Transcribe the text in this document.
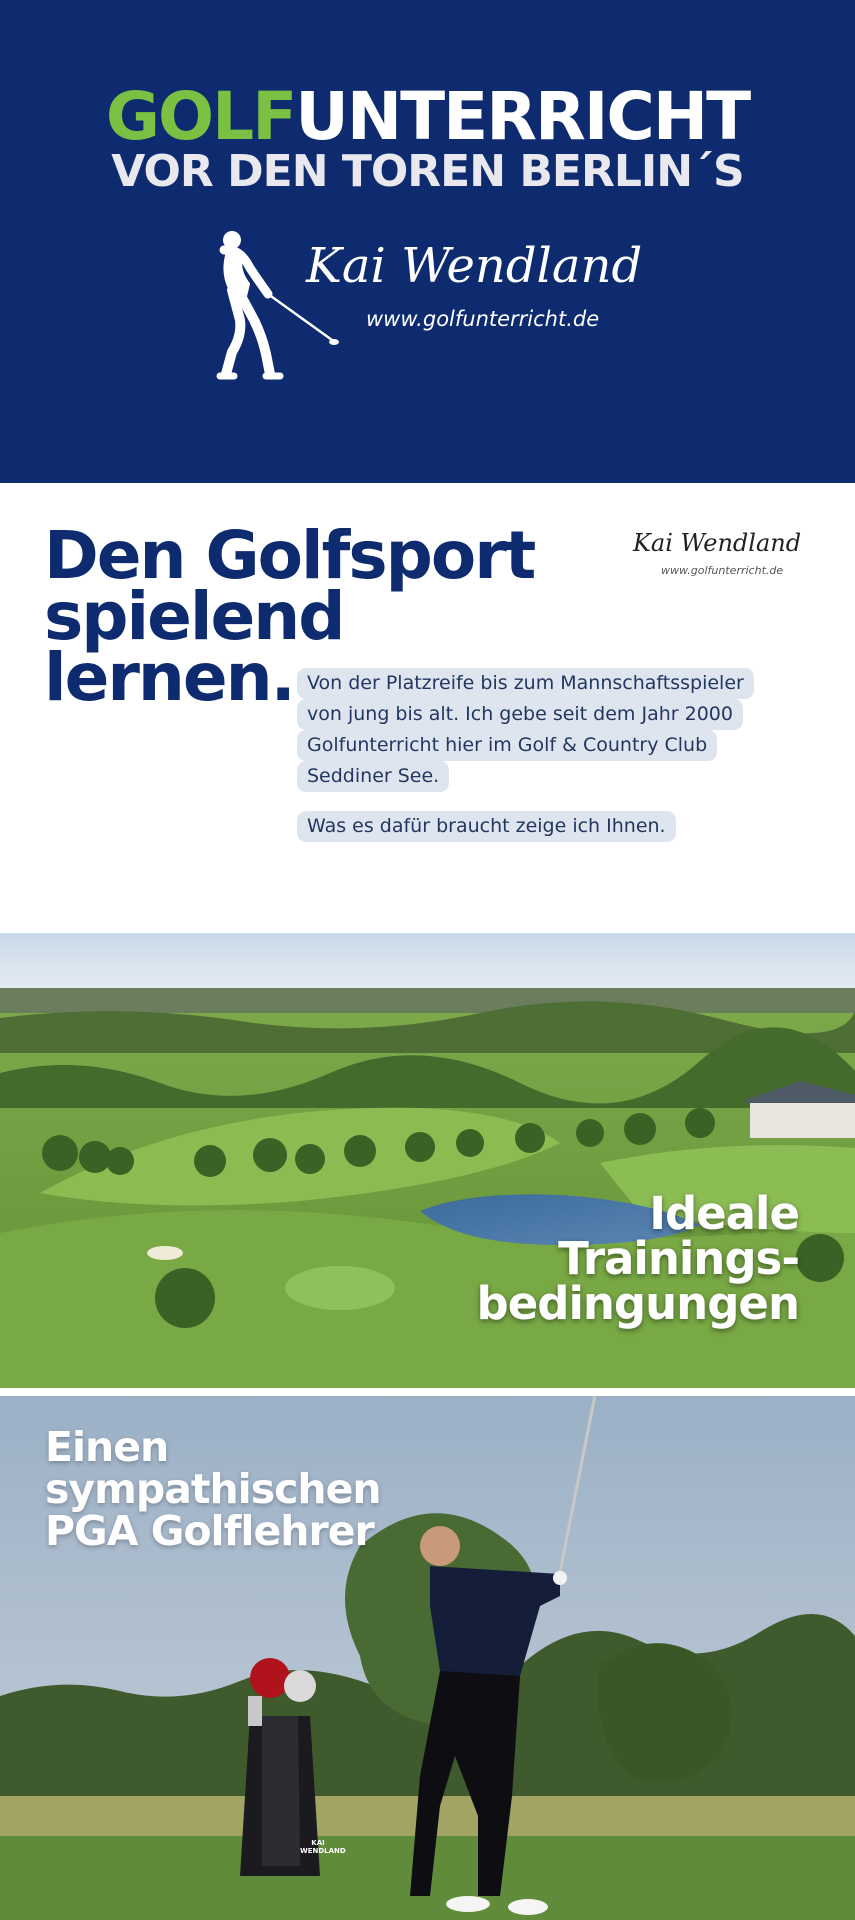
GOLFUNTERRICHT
VOR DEN TOREN BERLIN´S
Kai Wendland
www.golfunterricht.de
Den Golfsport
spielend
lernen.
Kai Wendland
www.golfunterricht.de
Von der Platzreife bis zum Mannschaftsspieler
von jung bis alt. Ich gebe seit dem Jahr 2000
Golfunterricht hier im Golf & Country Club
Seddiner See.
Was es dafür braucht zeige ich Ihnen.
Ideale
Trainings-
bedingungen
Einen
sympathischen
PGA Golflehrer
KAI WENDLAND
